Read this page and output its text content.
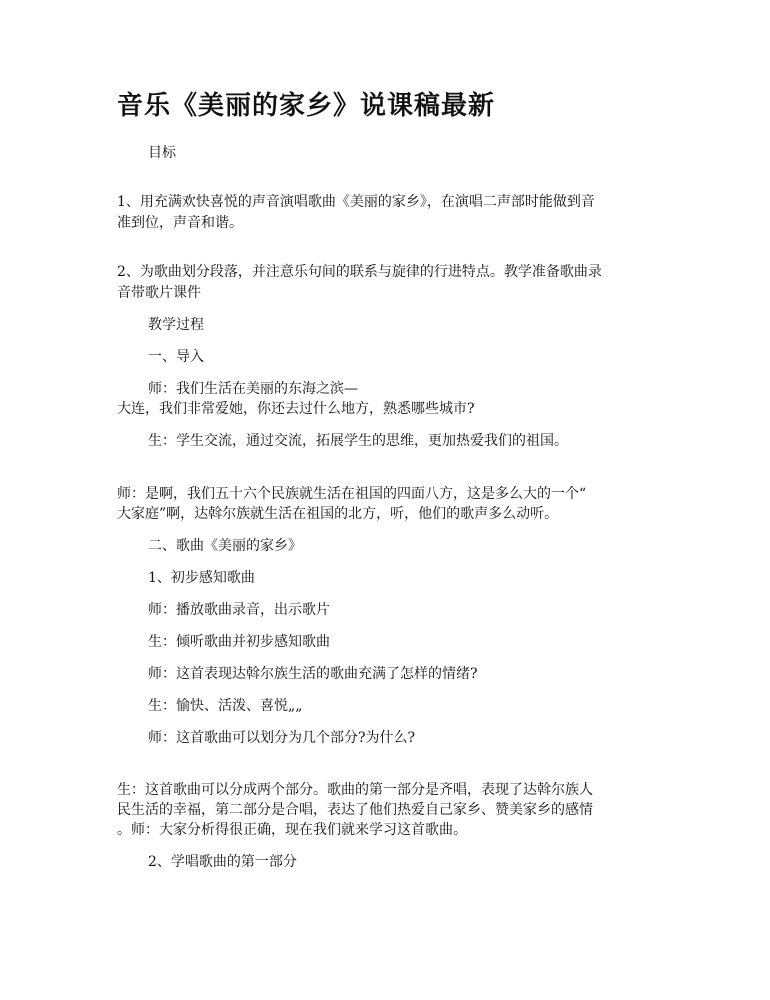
音乐《美丽的家乡》说课稿最新

目标

1、用充满欢快喜悦的声音演唱歌曲《美丽的家乡》，在演唱二声部时能做到音

准到位，声音和谐。

2、为歌曲划分段落，并注意乐句间的联系与旋律的行进特点。教学准备歌曲录

音带歌片课件

教学过程

一、导入

师：我们生活在美丽的东海之滨—

大连，我们非常爱她，你还去过什么地方，熟悉哪些城市?

生：学生交流，通过交流，拓展学生的思维，更加热爱我们的祖国。

师：是啊，我们五十六个民族就生活在祖国的四面八方，这是多么大的一个“

大家庭”啊，达斡尔族就生活在祖国的北方，听，他们的歌声多么动听。

二、歌曲《美丽的家乡》

1、初步感知歌曲

师：播放歌曲录音，出示歌片

生：倾听歌曲并初步感知歌曲

师：这首表现达斡尔族生活的歌曲充满了怎样的情绪?

生：愉快、活泼、喜悦„„

师：这首歌曲可以划分为几个部分?为什么?

生：这首歌曲可以分成两个部分。歌曲的第一部分是齐唱，表现了达斡尔族人

民生活的幸福，第二部分是合唱，表达了他们热爱自己家乡、赞美家乡的感情

。师：大家分析得很正确，现在我们就来学习这首歌曲。

2、学唱歌曲的第一部分
